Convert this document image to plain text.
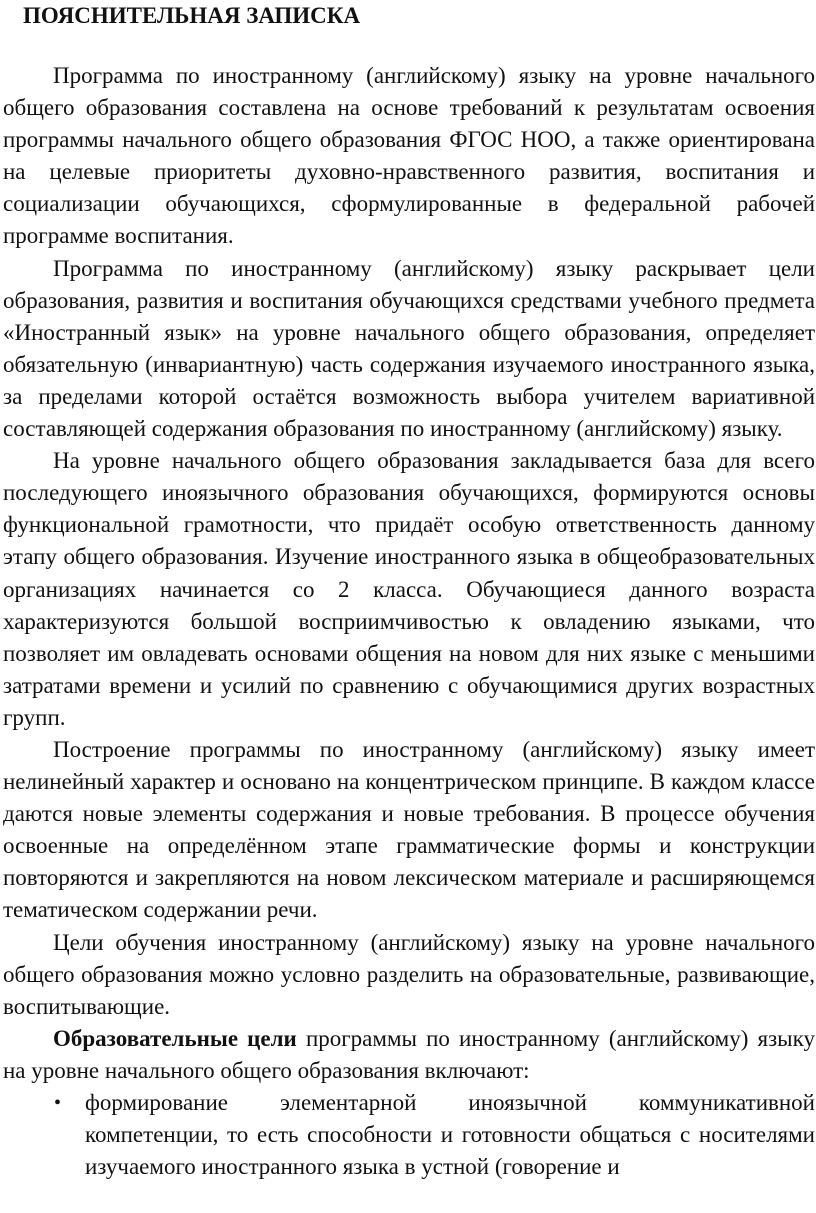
ПОЯСНИТЕЛЬНАЯ ЗАПИСКА

Программа по иностранному (английскому) языку на уровне начального общего образования составлена на основе требований к результатам освоения программы начального общего образования ФГОС НОО, а также ориентирована на целевые приоритеты духовно-нравственного развития, воспитания и социализации обучающихся, сформулированные в федеральной рабочей программе воспитания.

Программа по иностранному (английскому) языку раскрывает цели образования, развития и воспитания обучающихся средствами учебного предмета «Иностранный язык» на уровне начального общего образования, определяет обязательную (инвариантную) часть содержания изучаемого иностранного языка, за пределами которой остаётся возможность выбора учителем вариативной составляющей содержания образования по иностранному (английскому) языку.

На уровне начального общего образования закладывается база для всего последующего иноязычного образования обучающихся, формируются основы функциональной грамотности, что придаёт особую ответственность данному этапу общего образования. Изучение иностранного языка в общеобразовательных организациях начинается со 2 класса. Обучающиеся данного возраста характеризуются большой восприимчивостью к овладению языками, что позволяет им овладевать основами общения на новом для них языке с меньшими затратами времени и усилий по сравнению с обучающимися других возрастных групп.

Построение программы по иностранному (английскому) языку имеет нелинейный характер и основано на концентрическом принципе. В каждом классе даются новые элементы содержания и новые требования. В процессе обучения освоенные на определённом этапе грамматические формы и конструкции повторяются и закрепляются на новом лексическом материале и расширяющемся тематическом содержании речи.

Цели обучения иностранному (английскому) языку на уровне начального общего образования можно условно разделить на образовательные, развивающие, воспитывающие.

Образовательные цели программы по иностранному (английскому) языку на уровне начального общего образования включают:

• формирование элементарной иноязычной коммуникативной компетенции, то есть способности и готовности общаться с носителями изучаемого иностранного языка в устной (говорение и
